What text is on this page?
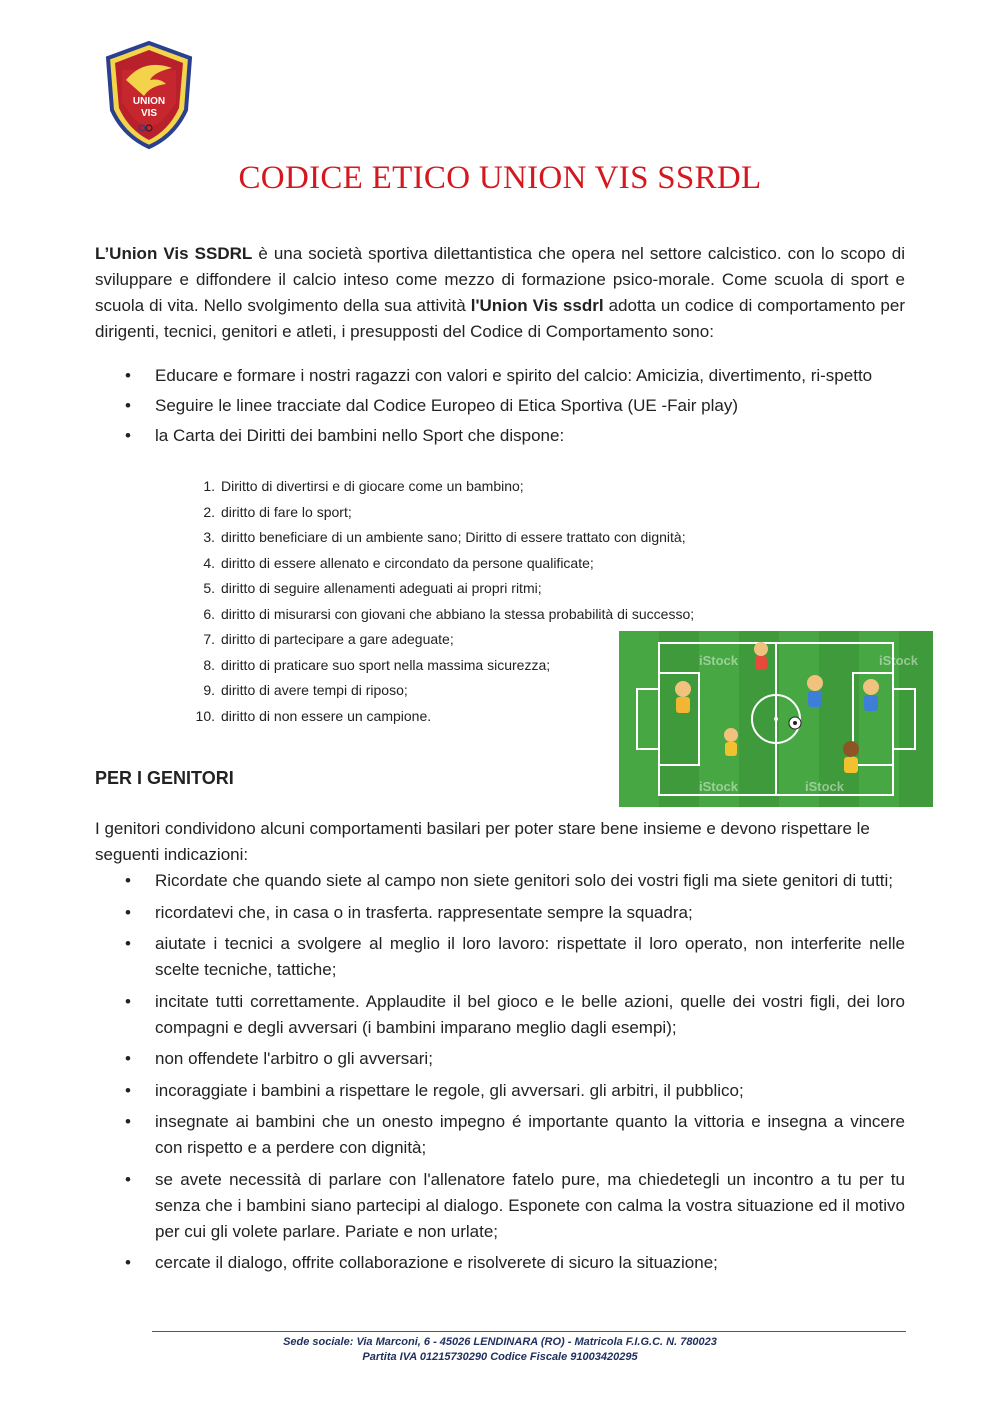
UNION
VIS
CODICE ETICO UNION VIS SSRDL
L’Union Vis SSDRL è una società sportiva dilettantistica che opera nel settore calcistico. con lo scopo di sviluppare e diffondere il calcio inteso come mezzo di formazione psico-morale. Come scuola di sport e scuola di vita. Nello svolgimento della sua attività l'Union Vis ssdrl adotta un codice di comportamento per dirigenti, tecnici, genitori e atleti, i presupposti del Codice di Comportamento sono:
• Educare e formare i nostri ragazzi con valori e spirito del calcio: Amicizia, divertimento, ri-spetto
• Seguire le linee tracciate dal Codice Europeo di Etica Sportiva (UE -Fair play)
• la Carta dei Diritti dei bambini nello Sport che dispone:
1. Diritto di divertirsi e di giocare come un bambino;
2. diritto di fare lo sport;
3. diritto beneficiare di un ambiente sano; Diritto di essere trattato con dignità;
4. diritto di essere allenato e circondato da persone qualificate;
5. diritto di seguire allenamenti adeguati ai propri ritmi;
6. diritto di misurarsi con giovani che abbiano la stessa probabilità di successo;
7. diritto di partecipare a gare adeguate;
8. diritto di praticare suo sport nella massima sicurezza;
9. diritto di avere tempi di riposo;
10. diritto di non essere un campione.
iStock	iStock
iStock	iStock
PER I GENITORI
I genitori condividono alcuni comportamenti basilari per poter stare bene insieme e devono rispettare le seguenti indicazioni:
• Ricordate che quando siete al campo non siete genitori solo dei vostri figli ma siete genitori di tutti;
• ricordatevi che, in casa o in trasferta. rappresentate sempre la squadra;
• aiutate i tecnici a svolgere al meglio il loro lavoro: rispettate il loro operato, non interferite nelle scelte tecniche, tattiche;
• incitate tutti correttamente. Applaudite il bel gioco e le belle azioni, quelle dei vostri figli, dei loro compagni e degli avversari (i bambini imparano meglio dagli esempi);
• non offendete l'arbitro o gli avversari;
• incoraggiate i bambini a rispettare le regole, gli avversari. gli arbitri, il pubblico;
• insegnate ai bambini che un onesto impegno é importante quanto la vittoria e insegna a vincere con rispetto e a perdere con dignità;
• se avete necessità di parlare con l'allenatore fatelo pure, ma chiedetegli un incontro a tu per tu senza che i bambini siano partecipi al dialogo. Esponete con calma la vostra situazione ed il motivo per cui gli volete parlare. Pariate e non urlate;
• cercate il dialogo, offrite collaborazione e risolverete di sicuro la situazione;
Sede sociale: Via Marconi, 6 - 45026 LENDINARA (RO) - Matricola F.I.G.C. N. 780023
Partita IVA 01215730290 Codice Fiscale 91003420295
